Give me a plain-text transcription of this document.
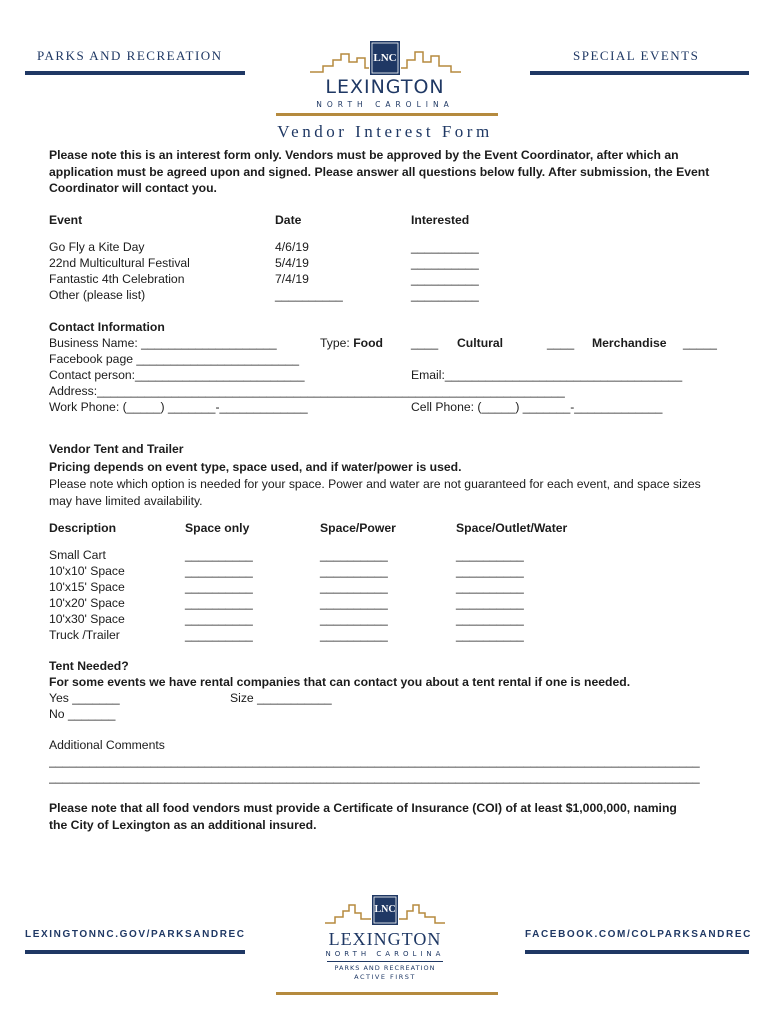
PARKS AND RECREATION	SPECIAL EVENTS
LNC
LEXINGTON
NORTH CAROLINA
Vendor Interest Form
Please note this is an interest form only. Vendors must be approved by the Event Coordinator, after which an application must be agreed upon and signed. Please answer all questions below fully. After submission, the Event Coordinator will contact you.
Event	Date	Interested
Go Fly a Kite Day	4/6/19	__________
22nd Multicultural Festival	5/4/19	__________
Fantastic 4th Celebration	7/4/19	__________
Other (please list)	__________	__________
Contact Information
Business Name: ____________________	Type: Food ____ Cultural	____ Merchandise _____
Facebook page ________________________
Contact person:_________________________	Email:___________________________________
Address:_____________________________________________________________________
Work Phone: (_____) _______-_____________	Cell Phone: (_____) _______-_____________
Vendor Tent and Trailer
Pricing depends on event type, space used, and if water/power is used.
Please note which option is needed for your space. Power and water are not guaranteed for each event, and space sizes may have limited availability.
Description	Space only	Space/Power	Space/Outlet/Water
Small Cart	__________	__________	__________
10'x10' Space	__________	__________	__________
10'x15' Space	__________	__________	__________
10'x20' Space	__________	__________	__________
10'x30' Space	__________	__________	__________
Truck /Trailer	__________	__________	__________
Tent Needed?
For some events we have rental companies that can contact you about a tent rental if one is needed.
Yes _______	Size ___________
No _______
Additional Comments
________________________________________________________________________________________________
________________________________________________________________________________________________
Please note that all food vendors must provide a Certificate of Insurance (COI) of at least $1,000,000, naming the City of Lexington as an additional insured.
LEXINGTONNC.GOV/PARKSANDREC	FACEBOOK.COM/COLPARKSANDREC
LNC
LEXINGTON
NORTH CAROLINA
PARKS AND RECREATION
ACTIVE FIRST
